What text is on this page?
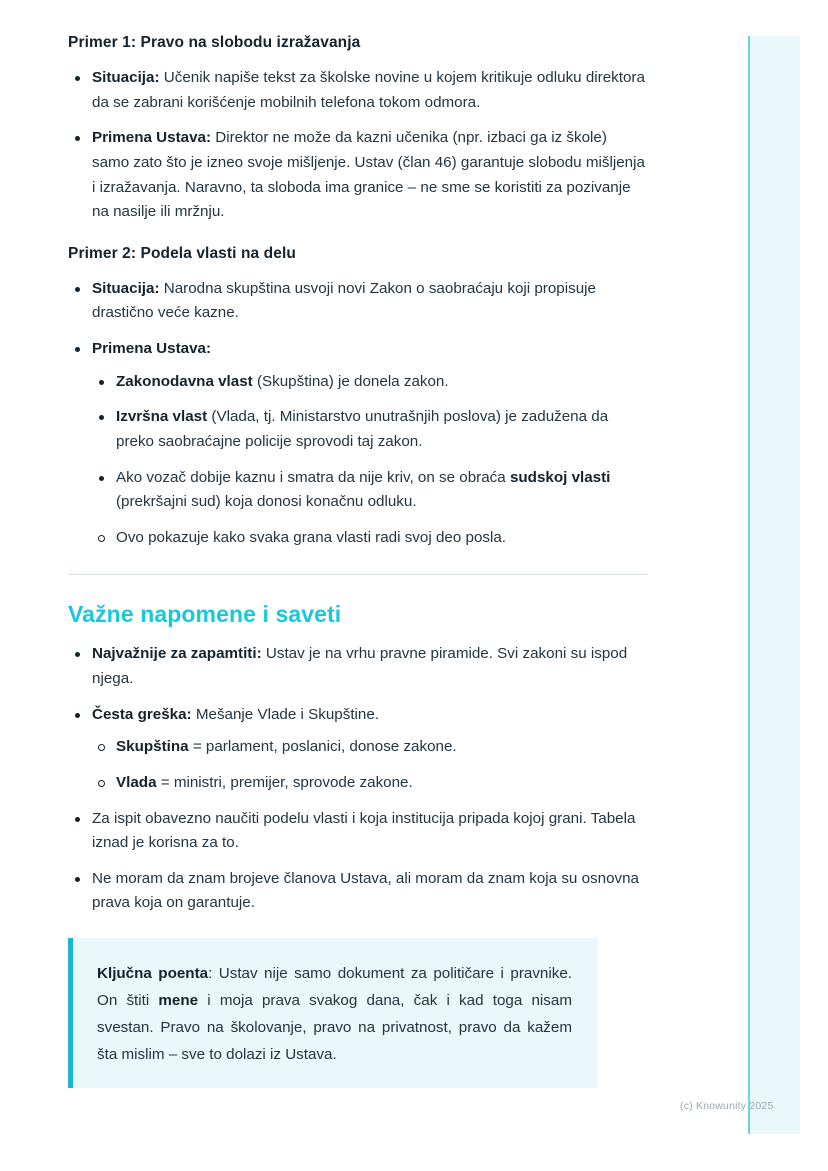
Primer 1: Pravo na slobodu izražavanja
Situacija: Učenik napiše tekst za školske novine u kojem kritikuje odluku direktora da se zabrani korišćenje mobilnih telefona tokom odmora.
Primena Ustava: Direktor ne može da kazni učenika (npr. izbaci ga iz škole) samo zato što je izneo svoje mišljenje. Ustav (član 46) garantuje slobodu mišljenja i izražavanja. Naravno, ta sloboda ima granice – ne sme se koristiti za pozivanje na nasilje ili mržnju.
Primer 2: Podela vlasti na delu
Situacija: Narodna skupština usvoji novi Zakon o saobraćaju koji propisuje drastično veće kazne.
Primena Ustava:
Zakonodavna vlast (Skupština) je donela zakon.
Izvršna vlast (Vlada, tj. Ministarstvo unutrašnjih poslova) je zadužena da preko saobraćajne policije sprovodi taj zakon.
Ako vozač dobije kaznu i smatra da nije kriv, on se obraća sudskoj vlasti (prekršajni sud) koja donosi konačnu odluku.
Ovo pokazuje kako svaka grana vlasti radi svoj deo posla.
Važne napomene i saveti
Najvažnije za zapamtiti: Ustav je na vrhu pravne piramide. Svi zakoni su ispod njega.
Česta greška: Mešanje Vlade i Skupštine.
Skupština = parlament, poslanici, donose zakone.
Vlada = ministri, premijer, sprovode zakone.
Za ispit obavezno naučiti podelu vlasti i koja institucija pripada kojoj grani. Tabela iznad je korisna za to.
Ne moram da znam brojeve članova Ustava, ali moram da znam koja su osnovna prava koja on garantuje.

Ključna poenta: Ustav nije samo dokument za političare i pravnike. On štiti mene i moja prava svakog dana, čak i kad toga nisam svestan. Pravo na školovanje, pravo na privatnost, pravo da kažem šta mislim – sve to dolazi iz Ustava.

(c) Knowunity 2025
